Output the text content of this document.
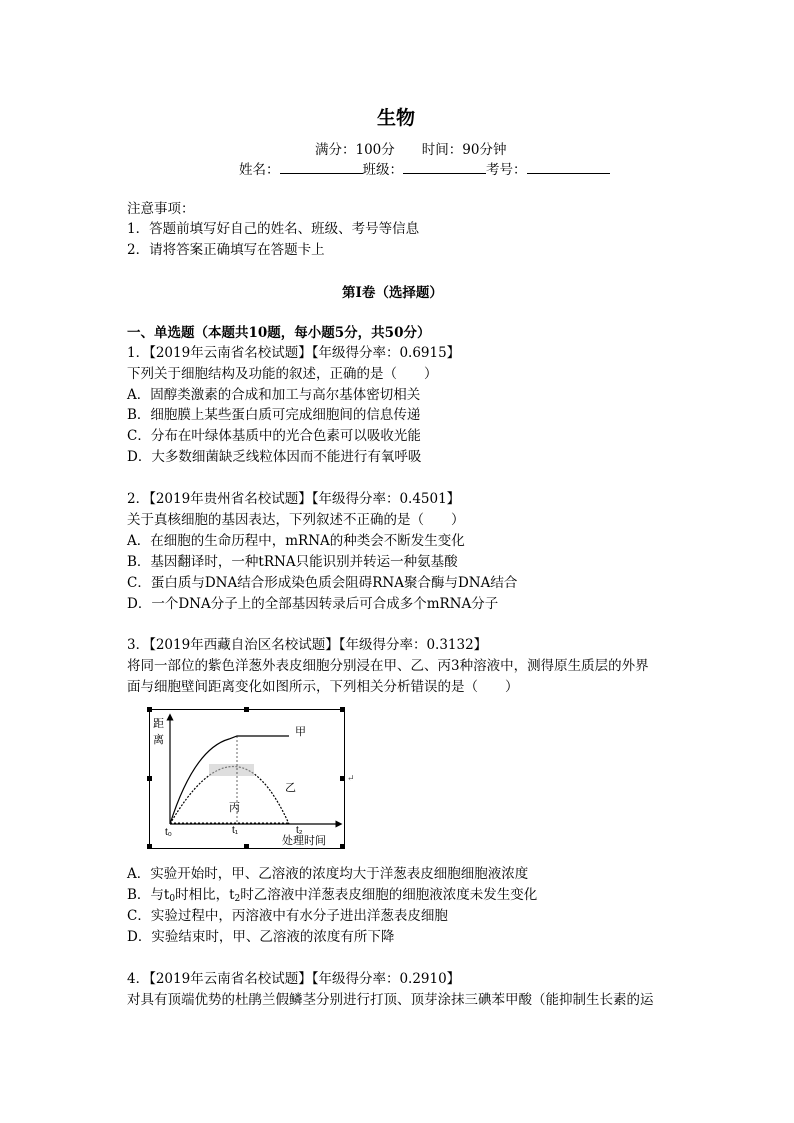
生物
满分：100分　　时间：90分钟
姓名：	班级：	考号：
注意事项：
1．答题前填写好自己的姓名、班级、考号等信息
2．请将答案正确填写在答题卡上
第I卷（选择题）
一、单选题（本题共10题，每小题5分，共50分）
1．【2019年云南省名校试题】【年级得分率：0.6915】
下列关于细胞结构及功能的叙述，正确的是（　　）
A．固醇类激素的合成和加工与高尔基体密切相关
B．细胞膜上某些蛋白质可完成细胞间的信息传递
C．分布在叶绿体基质中的光合色素可以吸收光能
D．大多数细菌缺乏线粒体因而不能进行有氧呼吸
2．【2019年贵州省名校试题】【年级得分率：0.4501】
关于真核细胞的基因表达，下列叙述不正确的是（　　）
A．在细胞的生命历程中，mRNA的种类会不断发生变化
B．基因翻译时，一种tRNA只能识别并转运一种氨基酸
C．蛋白质与DNA结合形成染色质会阻碍RNA聚合酶与DNA结合
D．一个DNA分子上的全部基因转录后可合成多个mRNA分子
3．【2019年西藏自治区名校试题】【年级得分率：0.3132】
将同一部位的紫色洋葱外表皮细胞分别浸在甲、乙、丙3种溶液中，测得原生质层的外界
面与细胞壁间距离变化如图所示，下列相关分析错误的是（　　）
距
离
甲
乙
丙
t₀	t₁	t₂
处理时间
↵
A．实验开始时，甲、乙溶液的浓度均大于洋葱表皮细胞细胞液浓度
B．与$t_0$时相比，$t_2$时乙溶液中洋葱表皮细胞的细胞液浓度未发生变化
C．实验过程中，丙溶液中有水分子进出洋葱表皮细胞
D．实验结束时，甲、乙溶液的浓度有所下降
4．【2019年云南省名校试题】【年级得分率：0.2910】
对具有顶端优势的杜鹃兰假鳞茎分别进行打顶、顶芽涂抹三碘苯甲酸（能抑制生长素的运
